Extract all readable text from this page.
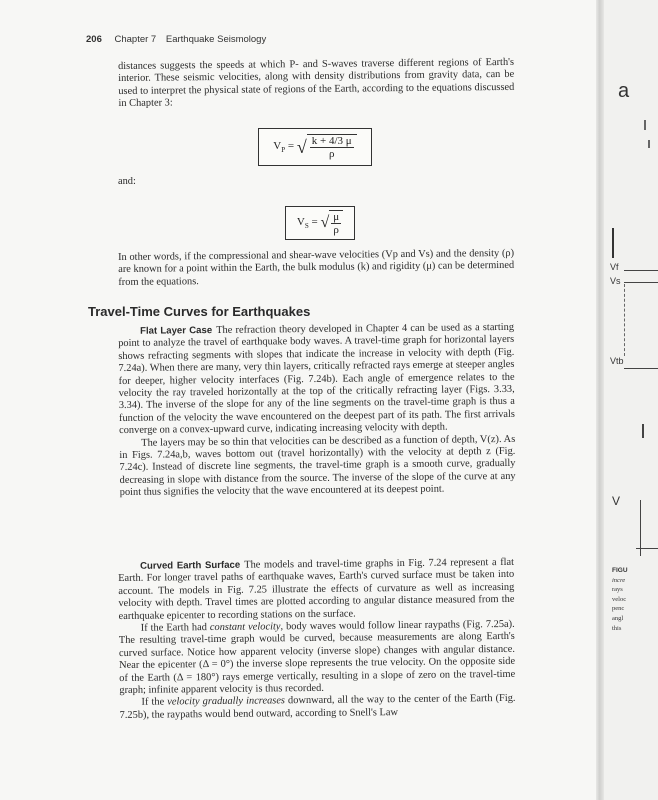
206 Chapter 7 Earthquake Seismology

distances suggests the speeds at which P- and S-waves traverse different regions of Earth's interior. These seismic velocities, along with density distributions from gravity data, can be used to interpret the physical state of regions of the Earth, according to the equations discussed in Chapter 3:

$V_P$ = √ $\frac{k + 4/3 \mu}{\rho}$
and:
$V_S$ = √ $\frac{\mu}{\rho}$

In other words, if the compressional and shear-wave velocities (Vp and Vs) and the density (ρ) are known for a point within the Earth, the bulk modulus (k) and rigidity (μ) can be determined from the equations.

Travel-Time Curves for Earthquakes

Flat Layer Case The refraction theory developed in Chapter 4 can be used as a starting point to analyze the travel of earthquake body waves. A travel-time graph for horizontal layers shows refracting segments with slopes that indicate the increase in velocity with depth (Fig. 7.24a). When there are many, very thin layers, critically refracted rays emerge at steeper angles for deeper, higher velocity interfaces (Fig. 7.24b). Each angle of emergence relates to the velocity the ray traveled horizontally at the top of the critically refracting layer (Figs. 3.33, 3.34). The inverse of the slope for any of the line segments on the travel-time graph is thus a function of the velocity the wave encountered on the deepest part of its path. The first arrivals converge on a convex-upward curve, indicating increasing velocity with depth.

The layers may be so thin that velocities can be described as a function of depth, V(z). As in Figs. 7.24a,b, waves bottom out (travel horizontally) with the velocity at depth z (Fig. 7.24c). Instead of discrete line segments, the travel-time graph is a smooth curve, gradually decreasing in slope with distance from the source. The inverse of the slope of the curve at any point thus signifies the velocity that the wave encountered at its deepest point.

Curved Earth Surface The models and travel-time graphs in Fig. 7.24 represent a flat Earth. For longer travel paths of earthquake waves, Earth's curved surface must be taken into account. The models in Fig. 7.25 illustrate the effects of curvature as well as increasing velocity with depth. Travel times are plotted according to angular distance measured from the earthquake epicenter to recording stations on the surface.

If the Earth had constant velocity, body waves would follow linear raypaths (Fig. 7.25a). The resulting travel-time graph would be curved, because measurements are along Earth's curved surface. Notice how apparent velocity (inverse slope) changes with angular distance. Near the epicenter (Δ = 0°) the inverse slope represents the true velocity. On the opposite side of the Earth (Δ = 180°) rays emerge vertically, resulting in a slope of zero on the travel-time graph; infinite apparent velocity is thus recorded.

If the velocity gradually increases downward, all the way to the center of the Earth (Fig. 7.25b), the raypaths would bend outward, according to Snell's Law

a
Vf
Vs
Vtb
V
FIGU
incre
rays
veloc
penc
angl
this
